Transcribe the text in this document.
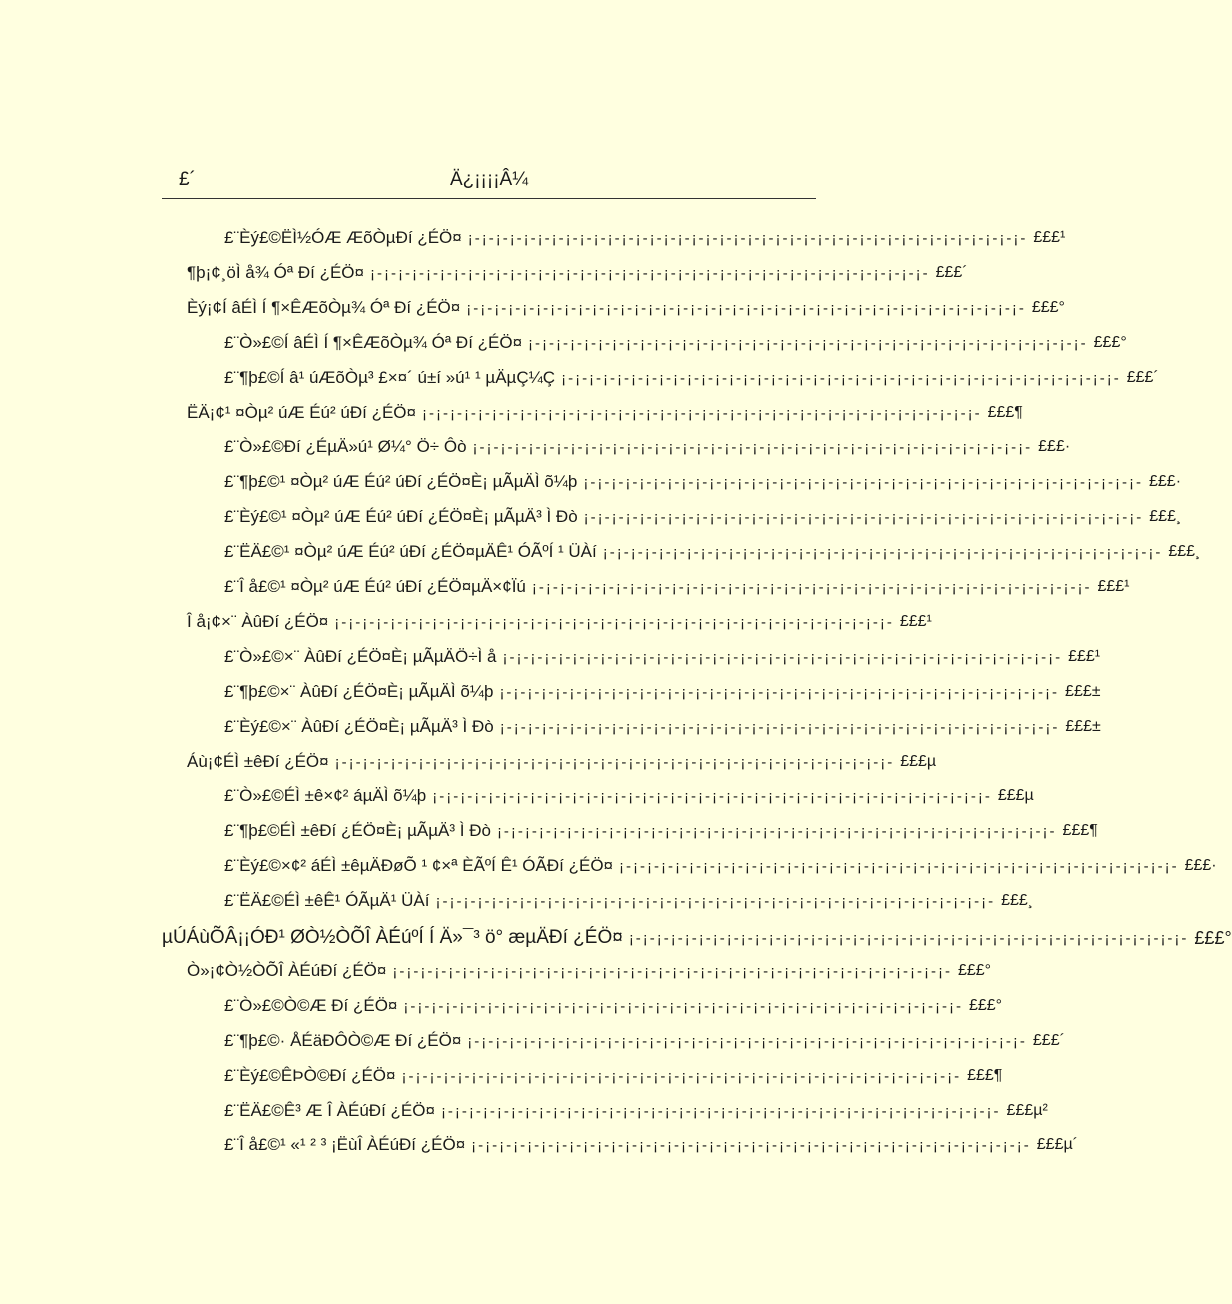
£´	Ä¿¡¡¡¡Â¼
£¨Èý£©ËÌ½ÓÆ ÆõÒµÐí ¿ÉÖ¤ ¡-¡-¡-¡-¡-¡-¡-¡-¡-¡-¡-¡-¡-¡-¡-¡-¡-¡-¡-¡-¡-¡-¡-¡-¡-¡-¡-¡-¡-¡-¡-¡-¡-¡-¡-¡-¡-¡-¡-¡- £££¹
¶þ¡¢¸öÌ å¾ Óª Ðí ¿ÉÖ¤ ¡-¡-¡-¡-¡-¡-¡-¡-¡-¡-¡-¡-¡-¡-¡-¡-¡-¡-¡-¡-¡-¡-¡-¡-¡-¡-¡-¡-¡-¡-¡-¡-¡-¡-¡-¡-¡-¡-¡-¡- £££´
Èý¡¢Í âÉÌ Í ¶×ÊÆõÒµ¾ Óª Ðí ¿ÉÖ¤ ¡-¡-¡-¡-¡-¡-¡-¡-¡-¡-¡-¡-¡-¡-¡-¡-¡-¡-¡-¡-¡-¡-¡-¡-¡-¡-¡-¡-¡-¡-¡-¡-¡-¡-¡-¡-¡-¡-¡-¡- £££°
£¨Ò»£©Í âÉÌ Í ¶×ÊÆõÒµ¾ Óª Ðí ¿ÉÖ¤ ¡-¡-¡-¡-¡-¡-¡-¡-¡-¡-¡-¡-¡-¡-¡-¡-¡-¡-¡-¡-¡-¡-¡-¡-¡-¡-¡-¡-¡-¡-¡-¡-¡-¡-¡-¡-¡-¡-¡-¡- £££°
£¨¶þ£©Í â¹ úÆõÒµ³ £×¤´ ú±í »ú¹ ¹ µÄµÇ¼Ç ¡-¡-¡-¡-¡-¡-¡-¡-¡-¡-¡-¡-¡-¡-¡-¡-¡-¡-¡-¡-¡-¡-¡-¡-¡-¡-¡-¡-¡-¡-¡-¡-¡-¡-¡-¡-¡-¡-¡-¡- £££´
ËÄ¡¢¹ ¤Òµ² úÆ Éú² úÐí ¿ÉÖ¤ ¡-¡-¡-¡-¡-¡-¡-¡-¡-¡-¡-¡-¡-¡-¡-¡-¡-¡-¡-¡-¡-¡-¡-¡-¡-¡-¡-¡-¡-¡-¡-¡-¡-¡-¡-¡-¡-¡-¡-¡- £££¶
£¨Ò»£©Ðí ¿ÉµÄ»ú¹ Ø¼° Ö÷ Ôò ¡-¡-¡-¡-¡-¡-¡-¡-¡-¡-¡-¡-¡-¡-¡-¡-¡-¡-¡-¡-¡-¡-¡-¡-¡-¡-¡-¡-¡-¡-¡-¡-¡-¡-¡-¡-¡-¡-¡-¡- £££·
£¨¶þ£©¹ ¤Òµ² úÆ Éú² úÐí ¿ÉÖ¤È¡ µÃµÄÌ õ¼þ ¡-¡-¡-¡-¡-¡-¡-¡-¡-¡-¡-¡-¡-¡-¡-¡-¡-¡-¡-¡-¡-¡-¡-¡-¡-¡-¡-¡-¡-¡-¡-¡-¡-¡-¡-¡-¡-¡-¡-¡- £££·
£¨Èý£©¹ ¤Òµ² úÆ Éú² úÐí ¿ÉÖ¤È¡ µÃµÄ³ Ì Ðò ¡-¡-¡-¡-¡-¡-¡-¡-¡-¡-¡-¡-¡-¡-¡-¡-¡-¡-¡-¡-¡-¡-¡-¡-¡-¡-¡-¡-¡-¡-¡-¡-¡-¡-¡-¡-¡-¡-¡-¡- £££¸
£¨ËÄ£©¹ ¤Òµ² úÆ Éú² úÐí ¿ÉÖ¤µÄÊ¹ ÓÃºÍ ¹ ÜÀí ¡-¡-¡-¡-¡-¡-¡-¡-¡-¡-¡-¡-¡-¡-¡-¡-¡-¡-¡-¡-¡-¡-¡-¡-¡-¡-¡-¡-¡-¡-¡-¡-¡-¡-¡-¡-¡-¡-¡-¡- £££¸
£¨Î å£©¹ ¤Òµ² úÆ Éú² úÐí ¿ÉÖ¤µÄ×¢Ïú ¡-¡-¡-¡-¡-¡-¡-¡-¡-¡-¡-¡-¡-¡-¡-¡-¡-¡-¡-¡-¡-¡-¡-¡-¡-¡-¡-¡-¡-¡-¡-¡-¡-¡-¡-¡-¡-¡-¡-¡- £££¹
Î å¡¢×¨ ÀûÐí ¿ÉÖ¤ ¡-¡-¡-¡-¡-¡-¡-¡-¡-¡-¡-¡-¡-¡-¡-¡-¡-¡-¡-¡-¡-¡-¡-¡-¡-¡-¡-¡-¡-¡-¡-¡-¡-¡-¡-¡-¡-¡-¡-¡- £££¹
£¨Ò»£©×¨ ÀûÐí ¿ÉÖ¤È¡ µÃµÄÖ÷Ì å ¡-¡-¡-¡-¡-¡-¡-¡-¡-¡-¡-¡-¡-¡-¡-¡-¡-¡-¡-¡-¡-¡-¡-¡-¡-¡-¡-¡-¡-¡-¡-¡-¡-¡-¡-¡-¡-¡-¡-¡- £££¹
£¨¶þ£©×¨ ÀûÐí ¿ÉÖ¤È¡ µÃµÄÌ õ¼þ ¡-¡-¡-¡-¡-¡-¡-¡-¡-¡-¡-¡-¡-¡-¡-¡-¡-¡-¡-¡-¡-¡-¡-¡-¡-¡-¡-¡-¡-¡-¡-¡-¡-¡-¡-¡-¡-¡-¡-¡- £££±
£¨Èý£©×¨ ÀûÐí ¿ÉÖ¤È¡ µÃµÄ³ Ì Ðò ¡-¡-¡-¡-¡-¡-¡-¡-¡-¡-¡-¡-¡-¡-¡-¡-¡-¡-¡-¡-¡-¡-¡-¡-¡-¡-¡-¡-¡-¡-¡-¡-¡-¡-¡-¡-¡-¡-¡-¡- £££±
Áù¡¢ÉÌ ±êÐí ¿ÉÖ¤ ¡-¡-¡-¡-¡-¡-¡-¡-¡-¡-¡-¡-¡-¡-¡-¡-¡-¡-¡-¡-¡-¡-¡-¡-¡-¡-¡-¡-¡-¡-¡-¡-¡-¡-¡-¡-¡-¡-¡-¡- £££µ
£¨Ò»£©ÉÌ ±ê×¢² áµÄÌ õ¼þ ¡-¡-¡-¡-¡-¡-¡-¡-¡-¡-¡-¡-¡-¡-¡-¡-¡-¡-¡-¡-¡-¡-¡-¡-¡-¡-¡-¡-¡-¡-¡-¡-¡-¡-¡-¡-¡-¡-¡-¡- £££µ
£¨¶þ£©ÉÌ ±êÐí ¿ÉÖ¤È¡ µÃµÄ³ Ì Ðò ¡-¡-¡-¡-¡-¡-¡-¡-¡-¡-¡-¡-¡-¡-¡-¡-¡-¡-¡-¡-¡-¡-¡-¡-¡-¡-¡-¡-¡-¡-¡-¡-¡-¡-¡-¡-¡-¡-¡-¡- £££¶
£¨Èý£©×¢² áÉÌ ±êµÄÐøÕ ¹ ¢×ª ÈÃºÍ Ê¹ ÓÃÐí ¿ÉÖ¤ ¡-¡-¡-¡-¡-¡-¡-¡-¡-¡-¡-¡-¡-¡-¡-¡-¡-¡-¡-¡-¡-¡-¡-¡-¡-¡-¡-¡-¡-¡-¡-¡-¡-¡-¡-¡-¡-¡-¡-¡- £££·
£¨ËÄ£©ÉÌ ±êÊ¹ ÓÃµÄ¹ ÜÀí ¡-¡-¡-¡-¡-¡-¡-¡-¡-¡-¡-¡-¡-¡-¡-¡-¡-¡-¡-¡-¡-¡-¡-¡-¡-¡-¡-¡-¡-¡-¡-¡-¡-¡-¡-¡-¡-¡-¡-¡- £££¸
µÚÁùÕÂ¡¡ÓÐ¹ ØÒ½ÒÕÎ ÀÉúºÍ Í Ä»¯³ ö° æµÄÐí ¿ÉÖ¤ ¡-¡-¡-¡-¡-¡-¡-¡-¡-¡-¡-¡-¡-¡-¡-¡-¡-¡-¡-¡-¡-¡-¡-¡-¡-¡-¡-¡-¡-¡-¡-¡-¡-¡-¡-¡-¡-¡-¡-¡- £££°
Ò»¡¢Ò½ÒÕÎ ÀÉúÐí ¿ÉÖ¤ ¡-¡-¡-¡-¡-¡-¡-¡-¡-¡-¡-¡-¡-¡-¡-¡-¡-¡-¡-¡-¡-¡-¡-¡-¡-¡-¡-¡-¡-¡-¡-¡-¡-¡-¡-¡-¡-¡-¡-¡- £££°
£¨Ò»£©Ò©Æ Ðí ¿ÉÖ¤ ¡-¡-¡-¡-¡-¡-¡-¡-¡-¡-¡-¡-¡-¡-¡-¡-¡-¡-¡-¡-¡-¡-¡-¡-¡-¡-¡-¡-¡-¡-¡-¡-¡-¡-¡-¡-¡-¡-¡-¡- £££°
£¨¶þ£©· ÅÉäÐÔÒ©Æ Ðí ¿ÉÖ¤ ¡-¡-¡-¡-¡-¡-¡-¡-¡-¡-¡-¡-¡-¡-¡-¡-¡-¡-¡-¡-¡-¡-¡-¡-¡-¡-¡-¡-¡-¡-¡-¡-¡-¡-¡-¡-¡-¡-¡-¡- £££´
£¨Èý£©ÊÞÒ©Ðí ¿ÉÖ¤ ¡-¡-¡-¡-¡-¡-¡-¡-¡-¡-¡-¡-¡-¡-¡-¡-¡-¡-¡-¡-¡-¡-¡-¡-¡-¡-¡-¡-¡-¡-¡-¡-¡-¡-¡-¡-¡-¡-¡-¡- £££¶
£¨ËÄ£©Ê³ Æ Î ÀÉúÐí ¿ÉÖ¤ ¡-¡-¡-¡-¡-¡-¡-¡-¡-¡-¡-¡-¡-¡-¡-¡-¡-¡-¡-¡-¡-¡-¡-¡-¡-¡-¡-¡-¡-¡-¡-¡-¡-¡-¡-¡-¡-¡-¡-¡- £££µ²
£¨Î å£©¹ «¹ ² ³ ¡ËùÎ ÀÉúÐí ¿ÉÖ¤ ¡-¡-¡-¡-¡-¡-¡-¡-¡-¡-¡-¡-¡-¡-¡-¡-¡-¡-¡-¡-¡-¡-¡-¡-¡-¡-¡-¡-¡-¡-¡-¡-¡-¡-¡-¡-¡-¡-¡-¡- £££µ´
